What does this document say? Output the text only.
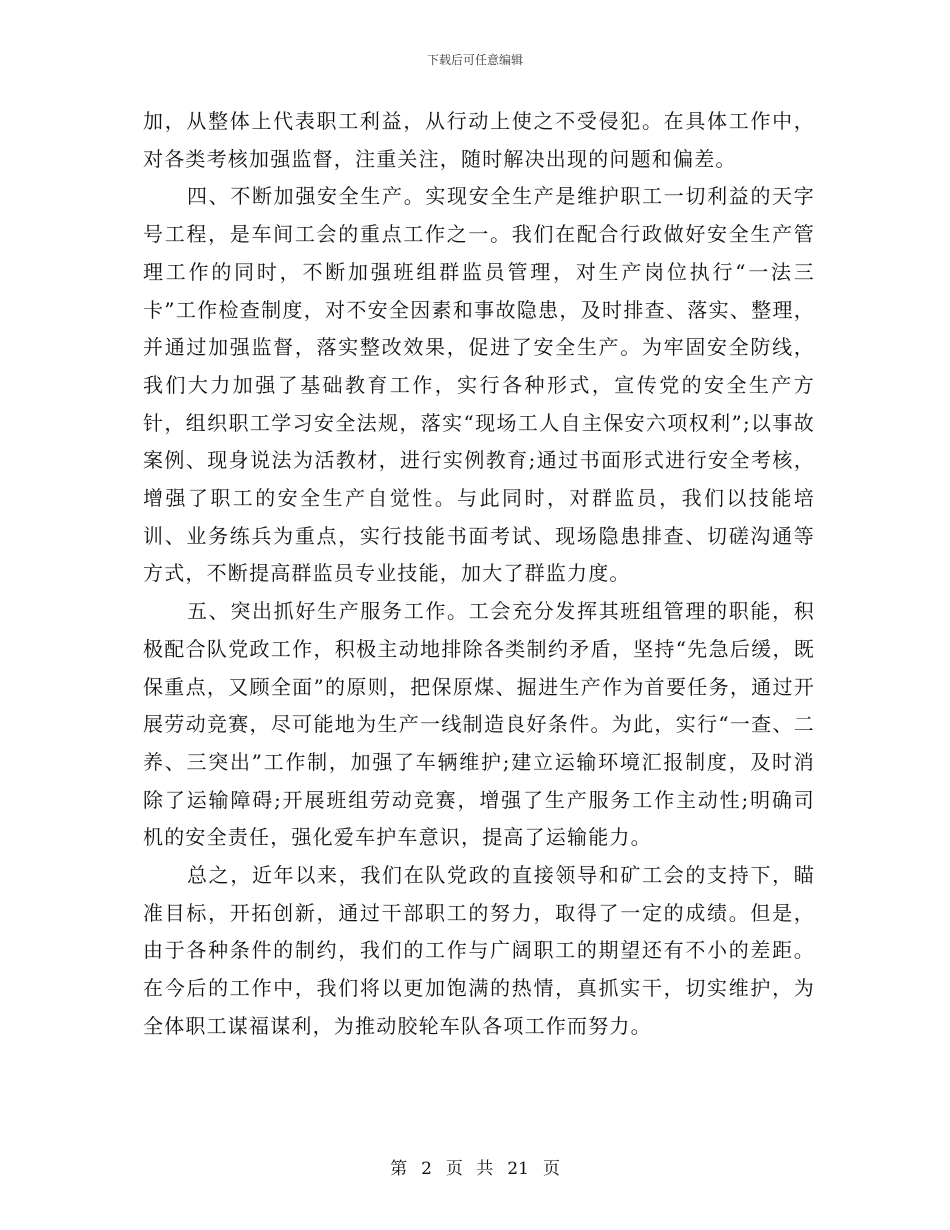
下载后可任意编辑

加，从整体上代表职工利益，从行动上使之不受侵犯。在具体工作中，对各类考核加强监督，注重关注，随时解决出现的问题和偏差。

四、不断加强安全生产。实现安全生产是维护职工一切利益的天字号工程，是车间工会的重点工作之一。我们在配合行政做好安全生产管理工作的同时，不断加强班组群监员管理，对生产岗位执行“一法三卡”工作检查制度，对不安全因素和事故隐患，及时排查、落实、整理，并通过加强监督，落实整改效果，促进了安全生产。为牢固安全防线，我们大力加强了基础教育工作，实行各种形式，宣传党的安全生产方针，组织职工学习安全法规，落实“现场工人自主保安六项权利”;以事故案例、现身说法为活教材，进行实例教育;通过书面形式进行安全考核，增强了职工的安全生产自觉性。与此同时，对群监员，我们以技能培训、业务练兵为重点，实行技能书面考试、现场隐患排查、切磋沟通等方式，不断提高群监员专业技能，加大了群监力度。

五、突出抓好生产服务工作。工会充分发挥其班组管理的职能，积极配合队党政工作，积极主动地排除各类制约矛盾，坚持“先急后缓，既保重点，又顾全面”的原则，把保原煤、掘进生产作为首要任务，通过开展劳动竞赛，尽可能地为生产一线制造良好条件。为此，实行“一查、二养、三突出”工作制，加强了车辆维护;建立运输环境汇报制度，及时消除了运输障碍;开展班组劳动竞赛，增强了生产服务工作主动性;明确司机的安全责任，强化爱车护车意识，提高了运输能力。

总之，近年以来，我们在队党政的直接领导和矿工会的支持下，瞄准目标，开拓创新，通过干部职工的努力，取得了一定的成绩。但是，由于各种条件的制约，我们的工作与广阔职工的期望还有不小的差距。在今后的工作中，我们将以更加饱满的热情，真抓实干，切实维护，为全体职工谋福谋利，为推动胶轮车队各项工作而努力。

第 2 页 共 21 页
